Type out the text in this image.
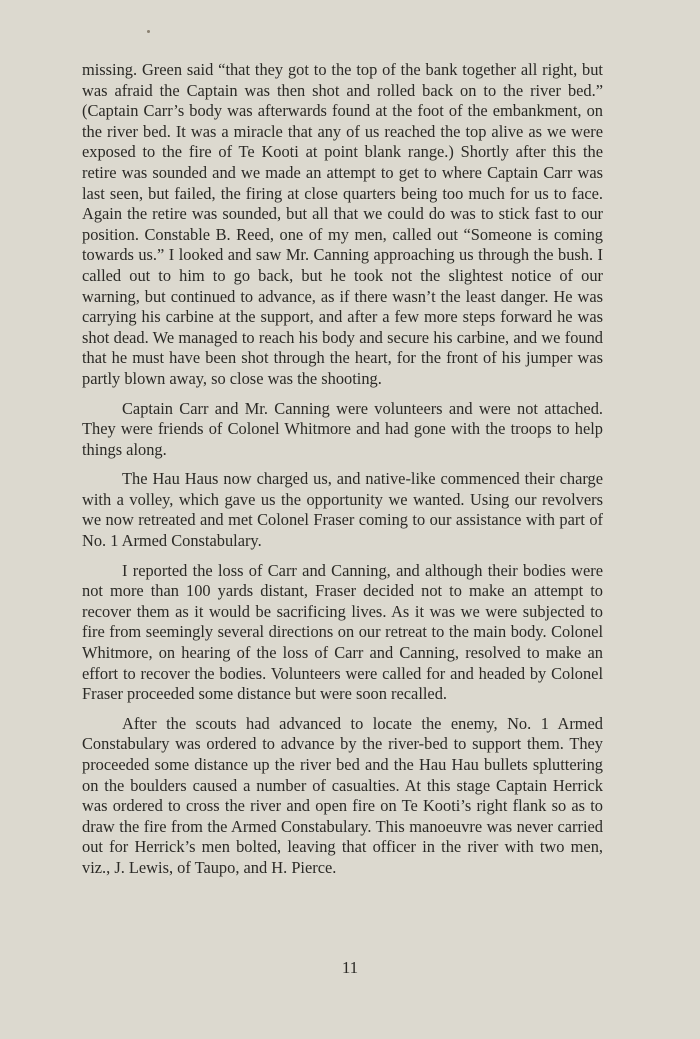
missing. Green said “that they got to the top of the bank together all right, but was afraid the Captain was then shot and rolled back on to the river bed.” (Captain Carr’s body was afterwards found at the foot of the embankment, on the river bed. It was a miracle that any of us reached the top alive as we were exposed to the fire of Te Kooti at point blank range.) Shortly after this the retire was sounded and we made an attempt to get to where Captain Carr was last seen, but failed, the firing at close quarters being too much for us to face. Again the retire was sounded, but all that we could do was to stick fast to our position. Constable B. Reed, one of my men, called out “Someone is coming towards us.” I looked and saw Mr. Canning approaching us through the bush. I called out to him to go back, but he took not the slightest notice of our warning, but continued to advance, as if there wasn’t the least danger. He was carrying his carbine at the support, and after a few more steps forward he was shot dead. We managed to reach his body and secure his carbine, and we found that he must have been shot through the heart, for the front of his jumper was partly blown away, so close was the shooting.

Captain Carr and Mr. Canning were volunteers and were not attached. They were friends of Colonel Whitmore and had gone with the troops to help things along.

The Hau Haus now charged us, and native-like commenced their charge with a volley, which gave us the opportunity we wanted. Using our revolvers we now retreated and met Colonel Fraser coming to our assistance with part of No. 1 Armed Constabulary.

I reported the loss of Carr and Canning, and although their bodies were not more than 100 yards distant, Fraser decided not to make an attempt to recover them as it would be sacrificing lives. As it was we were subjected to fire from seemingly several directions on our retreat to the main body. Colonel Whitmore, on hearing of the loss of Carr and Canning, resolved to make an effort to recover the bodies. Volunteers were called for and headed by Colonel Fraser proceeded some distance but were soon recalled.

After the scouts had advanced to locate the enemy, No. 1 Armed Constabulary was ordered to advance by the river-bed to support them. They proceeded some distance up the river bed and the Hau Hau bullets spluttering on the boulders caused a number of casualties. At this stage Captain Herrick was ordered to cross the river and open fire on Te Kooti’s right flank so as to draw the fire from the Armed Constabulary. This manoeuvre was never carried out for Herrick’s men bolted, leaving that officer in the river with two men, viz., J. Lewis, of Taupo, and H. Pierce.

11
